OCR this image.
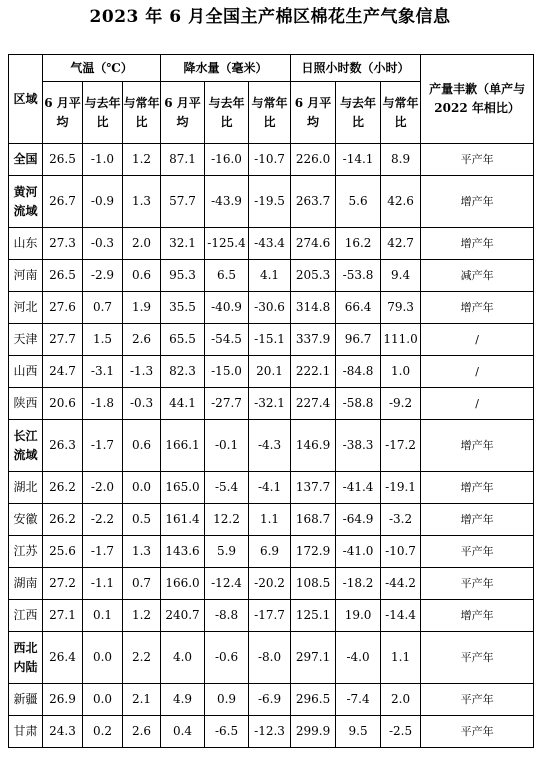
2023 年 6 月全国主产棉区棉花生产气象信息
区域	气温（℃）			降水量（毫米）			日照小时数（小时）			产量丰歉（单产与 2022 年相比）
	6 月平均	与去年比	与常年比	6 月平均	与去年比	与常年比	6 月平均	与去年比	与常年比	
全国	26.5	-1.0	1.2	87.1	-16.0	-10.7	226.0	-14.1	8.9	平产年
黄河流域	26.7	-0.9	1.3	57.7	-43.9	-19.5	263.7	5.6	42.6	增产年
山东	27.3	-0.3	2.0	32.1	-125.4	-43.4	274.6	16.2	42.7	增产年
河南	26.5	-2.9	0.6	95.3	6.5	4.1	205.3	-53.8	9.4	减产年
河北	27.6	0.7	1.9	35.5	-40.9	-30.6	314.8	66.4	79.3	增产年
天津	27.7	1.5	2.6	65.5	-54.5	-15.1	337.9	96.7	111.0	/
山西	24.7	-3.1	-1.3	82.3	-15.0	20.1	222.1	-84.8	1.0	/
陕西	20.6	-1.8	-0.3	44.1	-27.7	-32.1	227.4	-58.8	-9.2	/
长江流域	26.3	-1.7	0.6	166.1	-0.1	-4.3	146.9	-38.3	-17.2	增产年
湖北	26.2	-2.0	0.0	165.0	-5.4	-4.1	137.7	-41.4	-19.1	增产年
安徽	26.2	-2.2	0.5	161.4	12.2	1.1	168.7	-64.9	-3.2	增产年
江苏	25.6	-1.7	1.3	143.6	5.9	6.9	172.9	-41.0	-10.7	平产年
湖南	27.2	-1.1	0.7	166.0	-12.4	-20.2	108.5	-18.2	-44.2	平产年
江西	27.1	0.1	1.2	240.7	-8.8	-17.7	125.1	19.0	-14.4	增产年
西北内陆	26.4	0.0	2.2	4.0	-0.6	-8.0	297.1	-4.0	1.1	平产年
新疆	26.9	0.0	2.1	4.9	0.9	-6.9	296.5	-7.4	2.0	平产年
甘肃	24.3	0.2	2.6	0.4	-6.5	-12.3	299.9	9.5	-2.5	平产年
